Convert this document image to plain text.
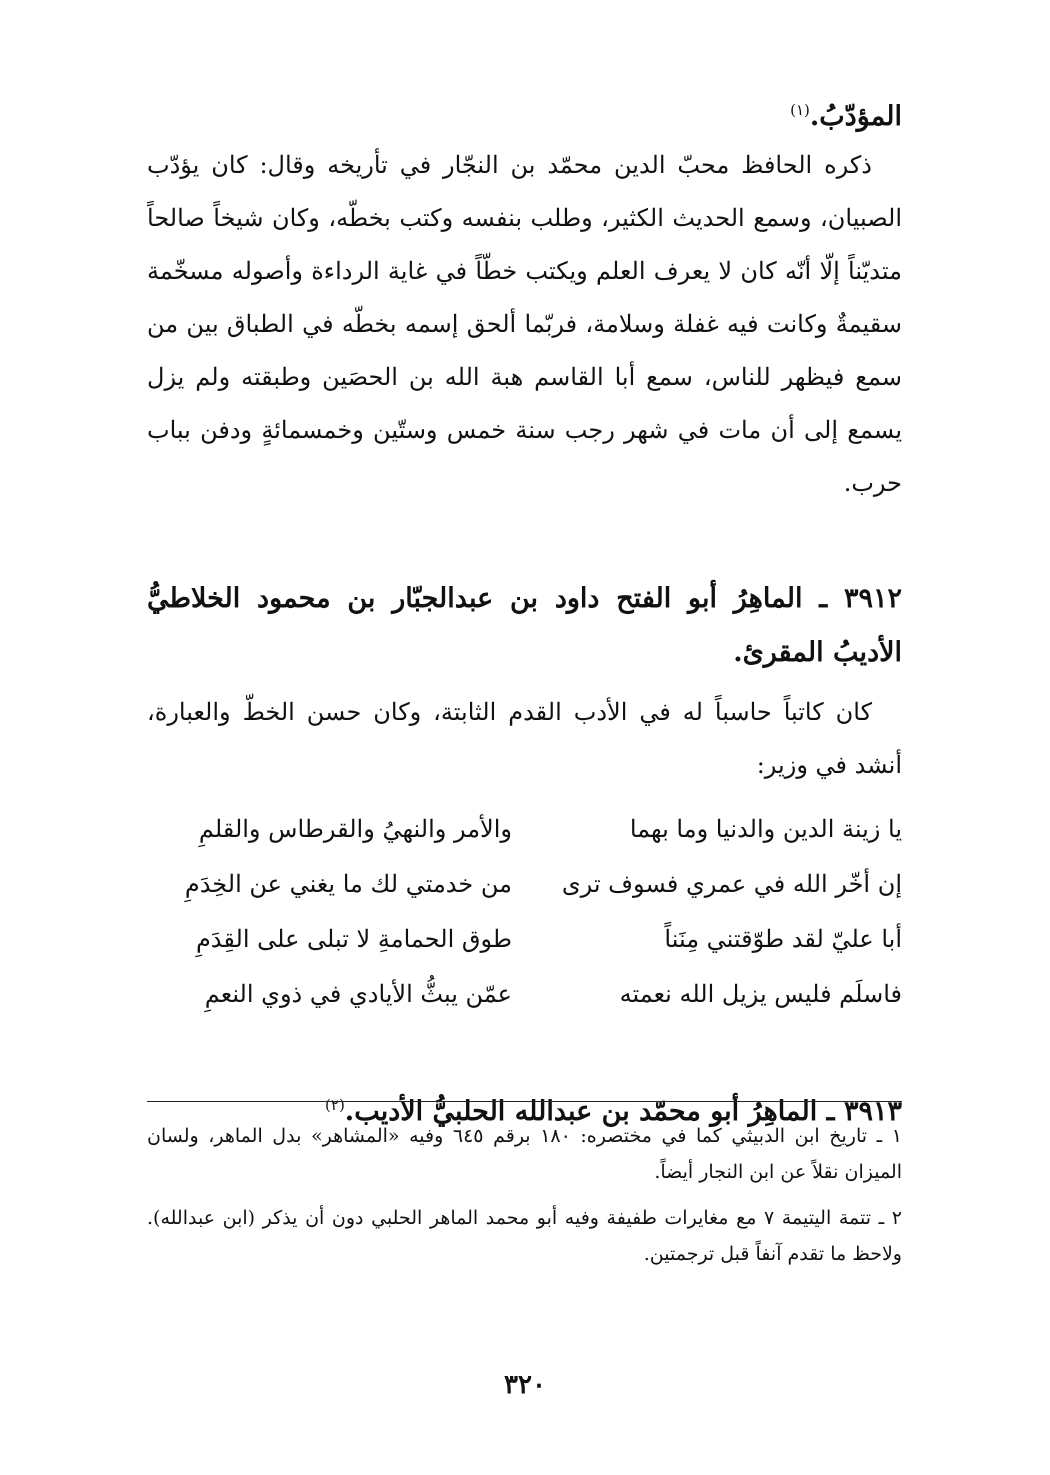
المؤدّبُ.$^{(١)}$

ذكره الحافظ محبّ الدين محمّد بن النجّار في تأريخه وقال: كان يؤدّب الصبيان، وسمع الحديث الكثير، وطلب بنفسه وكتب بخطّه، وكان شيخاً صالحاً متديّناً إلّا أنّه كان لا يعرف العلم ويكتب خطّاً في غاية الرداءة وأصوله مسخّمة سقيمةٌ وكانت فيه غفلة وسلامة، فربّما ألحق إسمه بخطّه في الطباق بين من سمع فيظهر للناس، سمع أبا القاسم هبة الله بن الحصَين وطبقته ولم يزل يسمع إلى أن مات في شهر رجب سنة خمس وستّين وخمسمائةٍ ودفن بباب حرب.

٣٩١٢ ـ الماهِرُ أبو الفتح داود بن عبدالجبّار بن محمود الخلاطيُّ الأديبُ المقرئ.

كان كاتباً حاسباً له في الأدب القدم الثابتة، وكان حسن الخطّ والعبارة، أنشد في وزير:

يا زينة الدين والدنيا وما بهما
والأمر والنهيُ والقرطاس والقلمِ
إن أخّر الله في عمري فسوف ترى
من خدمتي لك ما يغني عن الخِدَمِ
أبا عليّ لقد طوّقتني مِنَناً
طوق الحمامةِ لا تبلى على القِدَمِ
فاسلَم فليس يزيل الله نعمته
عمّن يبثُّ الأيادي في ذوي النعمِ

٣٩١٣ ـ الماهِرُ أبو محمّد بن عبدالله الحلبيُّ الأديب.$^{(٢)}$

١ ـ تاريخ ابن الدبيثي كما في مختصره: ١٨٠ برقم ٦٤٥ وفيه «المشاهر» بدل الماهر، ولسان الميزان نقلاً عن ابن النجار أيضاً.

٢ ـ تتمة اليتيمة ٧ مع مغايرات طفيفة وفيه أبو محمد الماهر الحلبي دون أن يذكر (ابن عبدالله). ولاحظ ما تقدم آنفاً قبل ترجمتين.

٣٢٠
